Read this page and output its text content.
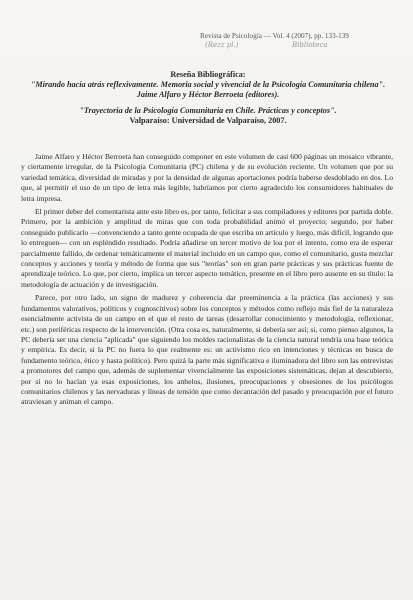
Revista de Psicología — Vol. 4 (2007), pp. 133-139
(Rezz pl.)	Biblioteca
Reseña Bibliográfica:
"Mirando hacia atrás reflexivamente. Memoria social y vivencial de la Psicología Comunitaria chilena".
Jaime Alfaro y Héctor Berroeta (editores).
"Trayectoria de la Psicología Comunitaria en Chile. Prácticas y conceptos".
Valparaíso: Universidad de Valparaíso, 2007.

Jaime Alfaro y Héctor Berroeta han conseguido componer en este volumen de casi 600 páginas un mosaico vibrante, y ciertamente irregular, de la Psicología Comunitaria (PC) chilena y de su evolución reciente. Un volumen que por su variedad temática, diversidad de miradas y por la densidad de algunas aportaciones podría haberse desdoblado en dos. Lo que, al permitir el uso de un tipo de letra más legible, habríamos por cierto agradecido los consumidores habituales de letra impresa.

El primer deber del comentarista ante este libro es, por tanto, felicitar a sus compiladores y editores por partida doble. Primero, por la ambición y amplitud de miras que con toda probabilidad animó el proyecto; segundo, por haber conseguido publicarlo —convenciendo a tanto gente ocupada de que escriba un artículo y luego, más difícil, logrando que lo entreguen— con un espléndido resultado. Podría añadirse un tercer motivo de loa por el intento, como era de esperar parcialmente fallido, de ordenar temáticamente el material incluido en un campo que, como el comunitario, gusta mezclar conceptos y acciones y teoría y método de forma que sus "teorías" son en gran parte prácticas y sus prácticas fuente de aprendizaje teórico. Lo que, por cierto, implica un tercer aspecto temático, presente en el libro pero ausente en su título: la metodología de actuación y de investigación.

Parece, por otro lado, un signo de madurez y coherencia dar preeminencia a la práctica (las acciones) y sus fundamentos valorativos, políticos y cognoscitivos) sobre los conceptos y métodos como reflejo más fiel de la naturaleza esencialmente activista de un campo en el que el resto de tareas (desarrollar conocimiento y metodología, reflexionar, etc.) son periféricas respecto de la intervención. (Otra cosa es, naturalmente, si debería ser así; si, como pienso algunos, la PC debería ser una ciencia "aplicada" que siguiendo los moldes racionalistas de la ciencia natural tendría una base teórica y empírica. Es decir, si la PC no fuera lo que realmente es: un activismo rico en intenciones y técnicas en busca de fundamento teórico, ético y hasta político). Pero quizá la parte más significativa e iluminadora del libro son las entrevistas a promotores del campo que, además de suplementar vivencialmente las exposiciones sistemáticas, dejan al descubierto, por sí no lo hacían ya esas exposiciones, los anhelos, ilusiones, preocupaciones y obsesiones de los psicólogos comunitarios chilenos y las nervaduras y líneas de tensión que como decantación del pasado y preocupación por el futuro atraviesan y animan el campo.
